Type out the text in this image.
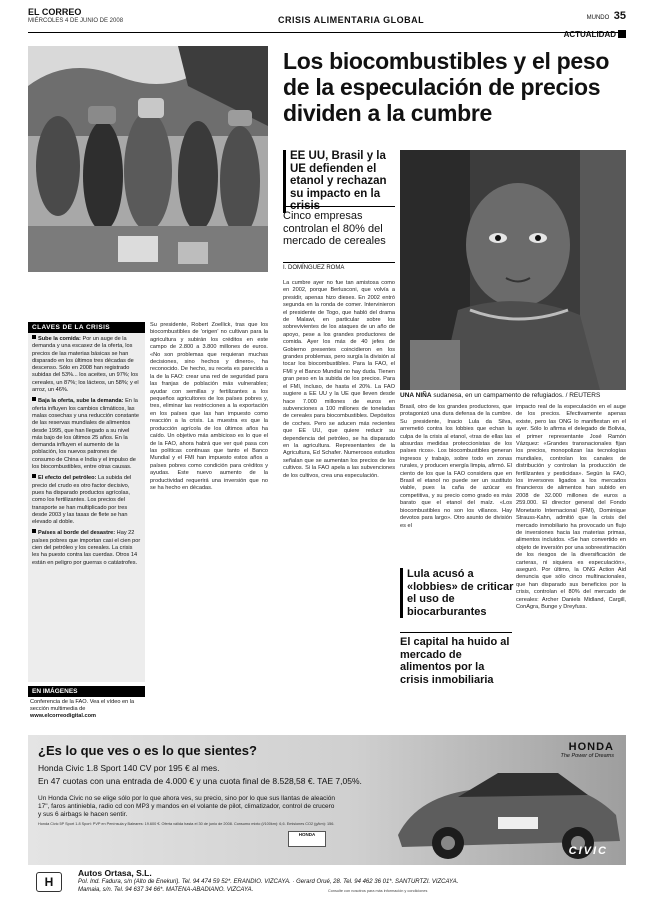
EL CORREO
MIÉRCOLES 4 DE JUNIO DE 2008	CRISIS ALIMENTARIA GLOBAL	MUNDO 35
ACTUALIDAD
Los biocombustibles y el peso de la especulación de precios dividen a la cumbre
EE UU, Brasil y la UE defienden el etanol y rechazan su impacto en la crisis
Cinco empresas controlan el 80% del mercado de cereales
I. DOMÍNGUEZ ROMA
UNA NIÑA sudanesa, en un campamento de refugiados. / REUTERS
Su presidente, Robert Zoellick, tras que los biocombustibles de 'origen' no cultivan para la agricultura y subirán los créditos en este campo de 2.800 a 3.800 millones de euros. «No son problemas que requieran muchas decisiones, sino hechos y dinero», ha reconocido. De hecho, su receta es parecida a la de la FAO: crear una red de seguridad para las franjas de población más vulnerables; ayudar con semillas y fertilizantes a los pequeños agricultores de los países pobres y, tres, eliminar las restricciones a la exportación en los países que las han impuesto como reacción a la crisis. La muestra es que la producción agrícola de los últimos años ha caído. Un objetivo más ambicioso es lo que el de la FAO, ahora habrá que ver qué pasa con las políticas continuas que tanto el Banco Mundial y el FMI han impuesto estos años a países pobres como condición para créditos y ayudas. Este nuevo aumento de la productividad requerirá una inversión que no se ha hecho en décadas.
La cumbre ayer no fue tan amistosa como en 2002, porque Berlusconi, que volvía a presidir, apenas hizo dieses. En 2002 entró segunda en la ronda de comer. Intervinieron el presidente de Togo, que habló del drama de Malawi, en particular sobre los sobrevivientes de los ataques de un año de apoyo, pese a los grandes productores de comida. Ayer los más de 40 jefes de Gobierno presentes coincidieron en los grandes problemas, pero surgía la división al tocar los biocombustibles. Para la FAO, el FMI y el Banco Mundial no hay duda. Tienen gran peso en la subida de los precios. Para el FMI, incluso, de hasta el 20%. La FAO sugiere a EE UU y la UE que lleven desde hace 7.000 millones de euros en subvenciones a 100 millones de toneladas de cereales para biocombustibles. Depósitos de coches. Pero se aducen más recientes que EE UU, que quiere reducir su dependencia del petróleo, se ha disparado en la agricultura. Representantes de la Agricultura, Ed Schafer. Numerosos estudios señalan que se aumentan los precios de los cultivos. Si la FAO apela a las subvenciones de los cultivos, crea una especulación.
Brasil, otro de los grandes productores, que protagonizó una dura defensa de la cumbre. Su presidente, Inacio Lula da Silva, arremetió contra los lobbies que echan la culpa de la crisis al etanol, «tras de ellas las absurdas medidas proteccionistas de los países ricos». Los biocombustibles generan ingresos y trabajo, sobre todo en zonas rurales, y producen energía limpia, afirmó. El ciento de los que la FAO considera que en Brasil el etanol no puede ser un sustituto viable, pues la caña de azúcar es competitiva, y su precio como grado es más barato que el etanol del maíz. «Los biocombustibles no son los villanos. Hay devotos para largo». Otro asunto de división es el
impacto real de la especulación en el auge de los precios. Efectivamente apenas existe, pero las ONG lo manifiestan en el ayer. Sólo lo afirma el delegado de Bolivia, el primer representante José Ramón Vázquez: «Grandes transnacionales fijan los precios, monopolizan las tecnologías mundiales, controlan los canales de distribución y controlan la producción de fertilizantes y pesticidas». Según la FAO, los inversores ligados a los mercados financieros de alimentos han subido en 2008 de 32.000 millones de euros a 259.000. El director general del Fondo Monetario Internacional (FMI), Dominique Strauss-Kahn, admitió que la crisis del mercado inmobiliario ha provocado un flujo de inversiones hacia las materias primas, alimentos incluidos. «Se han convertido en objeto de inversión por una sobreestimación de los riesgos de la diversificación de carteras, ni siquiera es especulación», aseguró. Por último, la ONG Action Aid denuncia que sólo cinco multinacionales, que han disparado sus beneficios por la crisis, controlan el 80% del mercado de cereales: Archer Daniels Midland, Cargill, ConAgra, Bunge y Dreyfuss.
Lula acusó a «lobbies» de criticar el uso de biocarburantes
El capital ha huido al mercado de alimentos por la crisis inmobiliaria
CLAVES DE LA CRISIS
Sube la comida: Por un auge de la demanda y una escasez de la oferta, los precios de las materias básicas se han disparado en los últimos tres décadas de descenso. Sólo en 2008 han registrado subidas del 53%... los aceites, un 97%; los cereales, un 87%; los lácteos, un 58%; y el arroz, un 46%.
Baja la oferta, sube la demanda: En la oferta influyen los cambios climáticos, las malas cosechas y una reducción constante de las reservas mundiales de alimentos desde 1995, que han llegado a su nivel más bajo de los últimos 25 años. En la demanda influyen el aumento de la población, los nuevos patrones de consumo de China e India y el impulso de los biocombustibles, entre otras causas.
El efecto del petróleo: La subida del precio del crudo es otro factor decisivo, pues ha disparado productos agrícolas, como los fertilizantes. Los precios del transporte se han multiplicado por tres desde 2003 y las tasas de flete se han elevado al doble.
Países al borde del desastre: Hay 22 países pobres que importan casi el cien por cien del petróleo y los cereales. La crisis les ha puesto contra las cuerdas. Otros 14 están en peligro por guerras o catástrofes.
EN IMÁGENES
Conferencia de la FAO. Vea el vídeo en la sección multimedia de www.elcorreodigital.com
¿Es lo que ves o es lo que sientes?
Honda Civic 1.8 Sport 140 CV por 195 € al mes.
En 47 cuotas con una entrada de 4.000 € y una cuota final de 8.528,58 €. TAE 7,05%.
Un Honda Civic no se elige sólo por lo que ahora ves, su precio, sino por lo que sus llantas de aleación 17", faros antiniebla, radio cd con MP3 y mandos en el volante de pilot, climatizador, control de crucero y sus 6 airbags le hacen sentir.
Honda Civic 5P Sport 1.8 Sport: PVP en Península y Baleares: 19.600 €. Oferta válida hasta el 30 de junio de 2008. Consumo mixto (l/100km): 6,6. Emisiones CO2 (g/km): 156.
HONDA
HONDA
The Power of Dreams
CIVIC
H
Autos Ortasa, S.L.
Pol. Ind. Fadura, s/n (Alto de Enekuri). Tel. 94 474 59 52*. ERANDIO. VIZCAYA. · Gerard Orué, 28. Tel. 94 462 36 01*. SANTURTZI. VIZCAYA.
Mamaia, s/n. Tel. 94 637 34 66*. MATENA-ABADIANO. VIZCAYA.	Consulte con nosotros para más información y condiciones
